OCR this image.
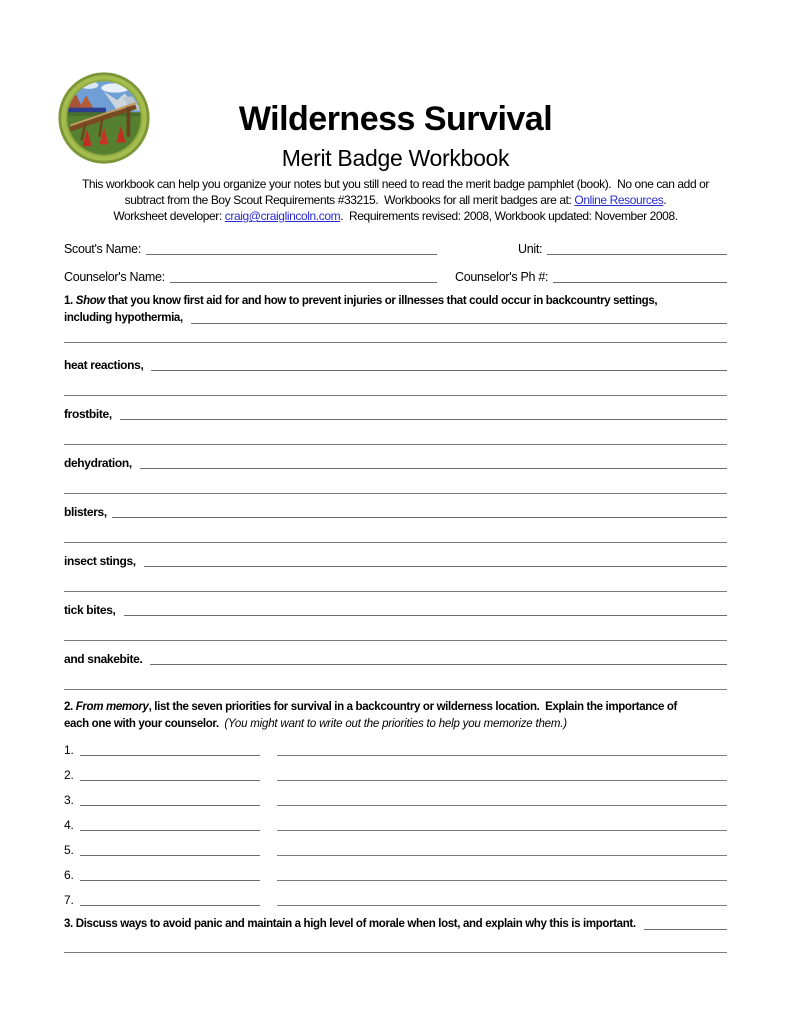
Wilderness Survival
Merit Badge Workbook
This workbook can help you organize your notes but you still need to read the merit badge pamphlet (book).  No one can add or
subtract from the Boy Scout Requirements #33215.  Workbooks for all merit badges are at: Online Resources.
Worksheet developer: craig@craiglincoln.com.  Requirements revised: 2008, Workbook updated: November 2008.
Scout's Name:	Unit:
Counselor's Name:	Counselor's Ph #:
1. Show that you know first aid for and how to prevent injuries or illnesses that could occur in backcountry settings,
including hypothermia,
heat reactions,
frostbite,
dehydration,
blisters,
insect stings,
tick bites,
and snakebite.
2. From memory, list the seven priorities for survival in a backcountry or wilderness location.  Explain the importance of
each one with your counselor.  (You might want to write out the priorities to help you memorize them.)
1.
2.
3.
4.
5.
6.
7.
3. Discuss ways to avoid panic and maintain a high level of morale when lost, and explain why this is important.
